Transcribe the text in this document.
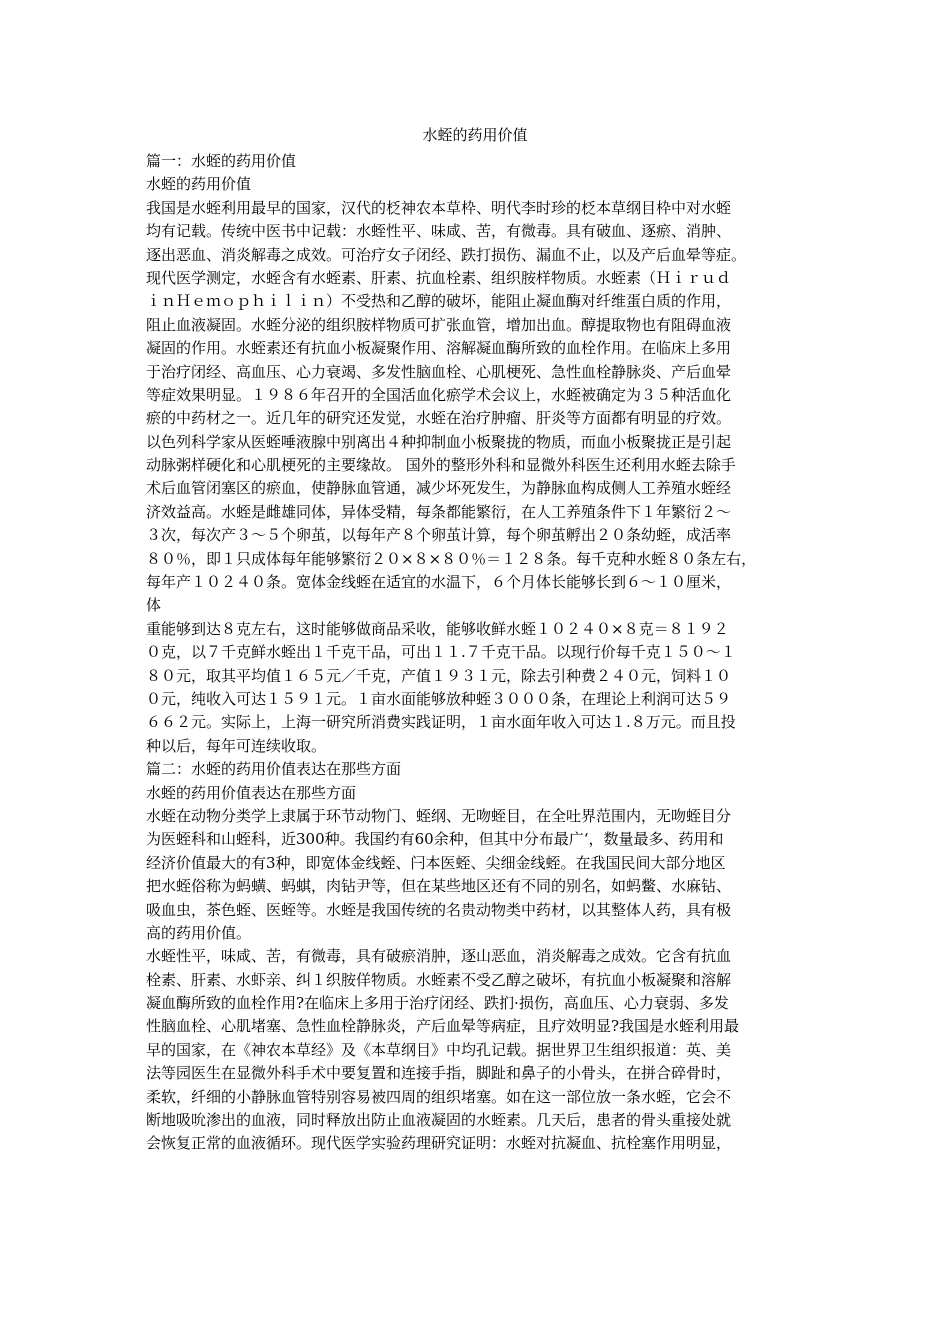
水蛭的药用价值
篇一：水蛭的药用价值
水蛭的药用价值
我国是水蛭利用最早的国家，汉代的柉神农本草枠、明代李时珍的柉本草纲目枠中对水蛭
均有记载。传统中医书中记载：水蛭性平、味咸、苦，有微毒。具有破血、逐瘀、消肿、
逐出恶血、消炎解毒之成效。可治疗女子闭经、跌打损伤、漏血不止，以及产后血晕等症。
现代医学测定，水蛭含有水蛭素、肝素、抗血栓素、组织胺样物质。水蛭素（Ｈｉｒｕｄ
ｉｎＨｅｍｏｐｈｉｌｉｎ）不受热和乙醇的破坏，能阻止凝血酶对纤维蛋白质的作用，
阻止血液凝固。水蛭分泌的组织胺样物质可扩张血管，增加出血。醇提取物也有阻碍血液
凝固的作用。水蛭素还有抗血小板凝聚作用、溶解凝血酶所致的血栓作用。在临床上多用
于治疗闭经、高血压、心力衰竭、多发性脑血栓、心肌梗死、急性血栓静脉炎、产后血晕
等症效果明显。１９８６年召开的全国活血化瘀学术会议上，水蛭被确定为３５种活血化
瘀的中药材之一。近几年的研究还发觉，水蛭在治疗肿瘤、肝炎等方面都有明显的疗效。
以色列科学家从医蛭唾液腺中别离出４种抑制血小板聚拢的物质，而血小板聚拢正是引起
动脉粥样硬化和心肌梗死的主要缘故。 国外的整形外科和显微外科医生还利用水蛭去除手
术后血管闭塞区的瘀血，使静脉血管通，减少坏死发生，为静脉血构成侧人工养殖水蛭经
济效益高。水蛭是雌雄同体，异体受精，每条都能繁衍，在人工养殖条件下１年繁衍２～
３次，每次产３～５个卵茧，以每年产８个卵茧计算，每个卵茧孵出２０条幼蛭，成活率
８０％，即１只成体每年能够繁衍２０×８×８０％＝１２８条。每千克种水蛭８０条左右，
每年产１０２４０条。宽体金线蛭在适宜的水温下，６个月体长能够长到６～１０厘米，
体
重能够到达８克左右，这时能够做商品采收，能够收鲜水蛭１０２４０×８克＝８１９２
０克，以７千克鲜水蛭出１千克干品，可出１１.７千克干品。以现行价每千克１５０～１
８０元，取其平均值１６５元／千克，产值１９３１元，除去引种费２４０元，饲料１０
０元，纯收入可达１５９１元。１亩水面能够放种蛭３０００条，在理论上利润可达５９
６６２元。实际上，上海一研究所消费实践证明，１亩水面年收入可达１.８万元。而且投
种以后，每年可连续收取。
篇二：水蛭的药用价值表达在那些方面
水蛭的药用价值表达在那些方面
水蛭在动物分类学上隶属于环节动物门、蛭纲、无吻蛭目，在全吐界范围内，无吻蛭目分
为医蛭科和山蛭科，近300种。我国约有60余种，但其中分布最广‘，数量最多、药用和
经济价值最大的有3种，即宽体金线蛭、闩本医蛭、尖细金线蛭。在我国民间大部分地区
把水蛭俗称为蚂蟥、蚂蜞，肉钻尹等，但在某些地区还有不同的别名，如蚂鳖、水麻钻、
吸血虫，茶色蛭、医蛭等。水蛭是我国传统的名贵动物类中药材，以其整体人药，具有极
高的药用价值。
水蛭性平，味咸、苦，有微毒，具有破瘀消肿，逐山恶血，消炎解毒之成效。它含有抗血
栓素、肝素、水虾亲、纠１织胺佯物质。水蛭素不受乙醇之破坏，有抗血小板凝聚和溶解
凝血酶所致的血栓作用?在临床上多用于治疗闭经、跌扪·损伤，高血压、心力衰弱、多发
性脑血栓、心肌堵塞、急性血栓静脉炎，产后血晕等病症，且疗效明显?我国是水蛭利用最
早的国家，在《神农本草经》及《本草纲目》中均孔记载。据世界卫生组织报道：英、美
法等园医生在显微外科手术中要复置和连接手指，脚趾和鼻子的小骨头，在拼合碎骨时，
柔软，纤细的小静脉血管特别容易被四周的组织堵塞。如在这一部位放一条水蛭，它会不
断地吸吮渗出的血液，同时释放出防止血液凝固的水蛭素。几天后，患者的骨头重接处就
会恢复正常的血液循环。现代医学实验药理研究证明：水蛭对抗凝血、抗栓塞作用明显，
